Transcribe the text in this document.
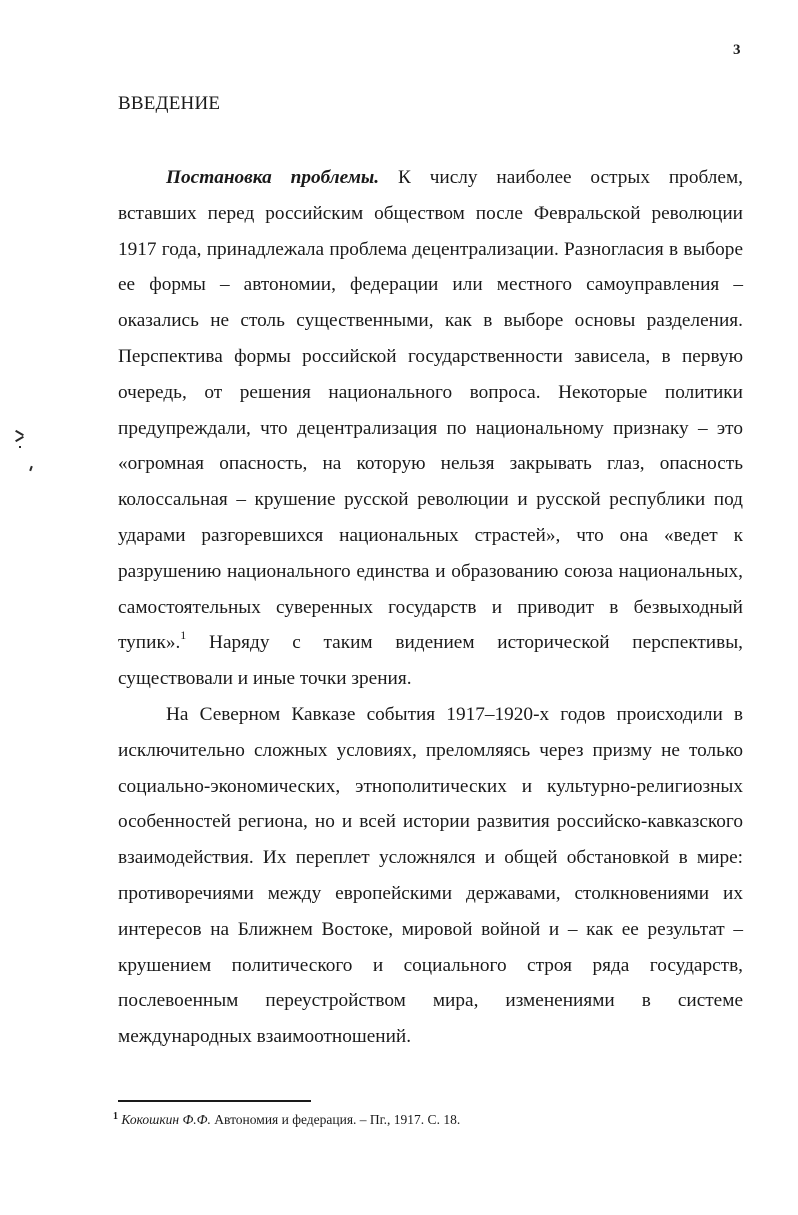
3
ВВЕДЕНИЕ
Постановка проблемы. К числу наиболее острых проблем,
вставших перед российским обществом после Февральской революции
1917 года, принадлежала проблема децентрализации. Разногласия в выборе
ее формы – автономии, федерации или местного самоуправления –
оказались не столь существенными, как в выборе основы разделения.
Перспектива формы российской государственности зависела, в первую
очередь, от решения национального вопроса. Некоторые политики
предупреждали, что децентрализация по национальному признаку – это
«огромная опасность, на которую нельзя закрывать глаз, опасность
колоссальная – крушение русской революции и русской республики под
ударами разгоревшихся национальных страстей», что она «ведет к
разрушению национального единства и образованию союза национальных,
самостоятельных суверенных государств и приводит в безвыходный
тупик».$^1$ Наряду с таким видением исторической перспективы,
существовали и иные точки зрения.
На Северном Кавказе события 1917–1920-х годов происходили в
исключительно сложных условиях, преломляясь через призму не только
социально-экономических, этнополитических и культурно-религиозных
особенностей региона, но и всей истории развития российско-кавказского
взаимодействия. Их переплет усложнялся и общей обстановкой в мире:
противоречиями между европейскими державами, столкновениями их
интересов на Ближнем Востоке, мировой войной и – как ее результат –
крушением политического и социального строя ряда государств,
послевоенным переустройством мира, изменениями в системе
международных взаимоотношений.
$^1$ Кокошкин Ф.Ф. Автономия и федерация. – Пг., 1917. С. 18.
